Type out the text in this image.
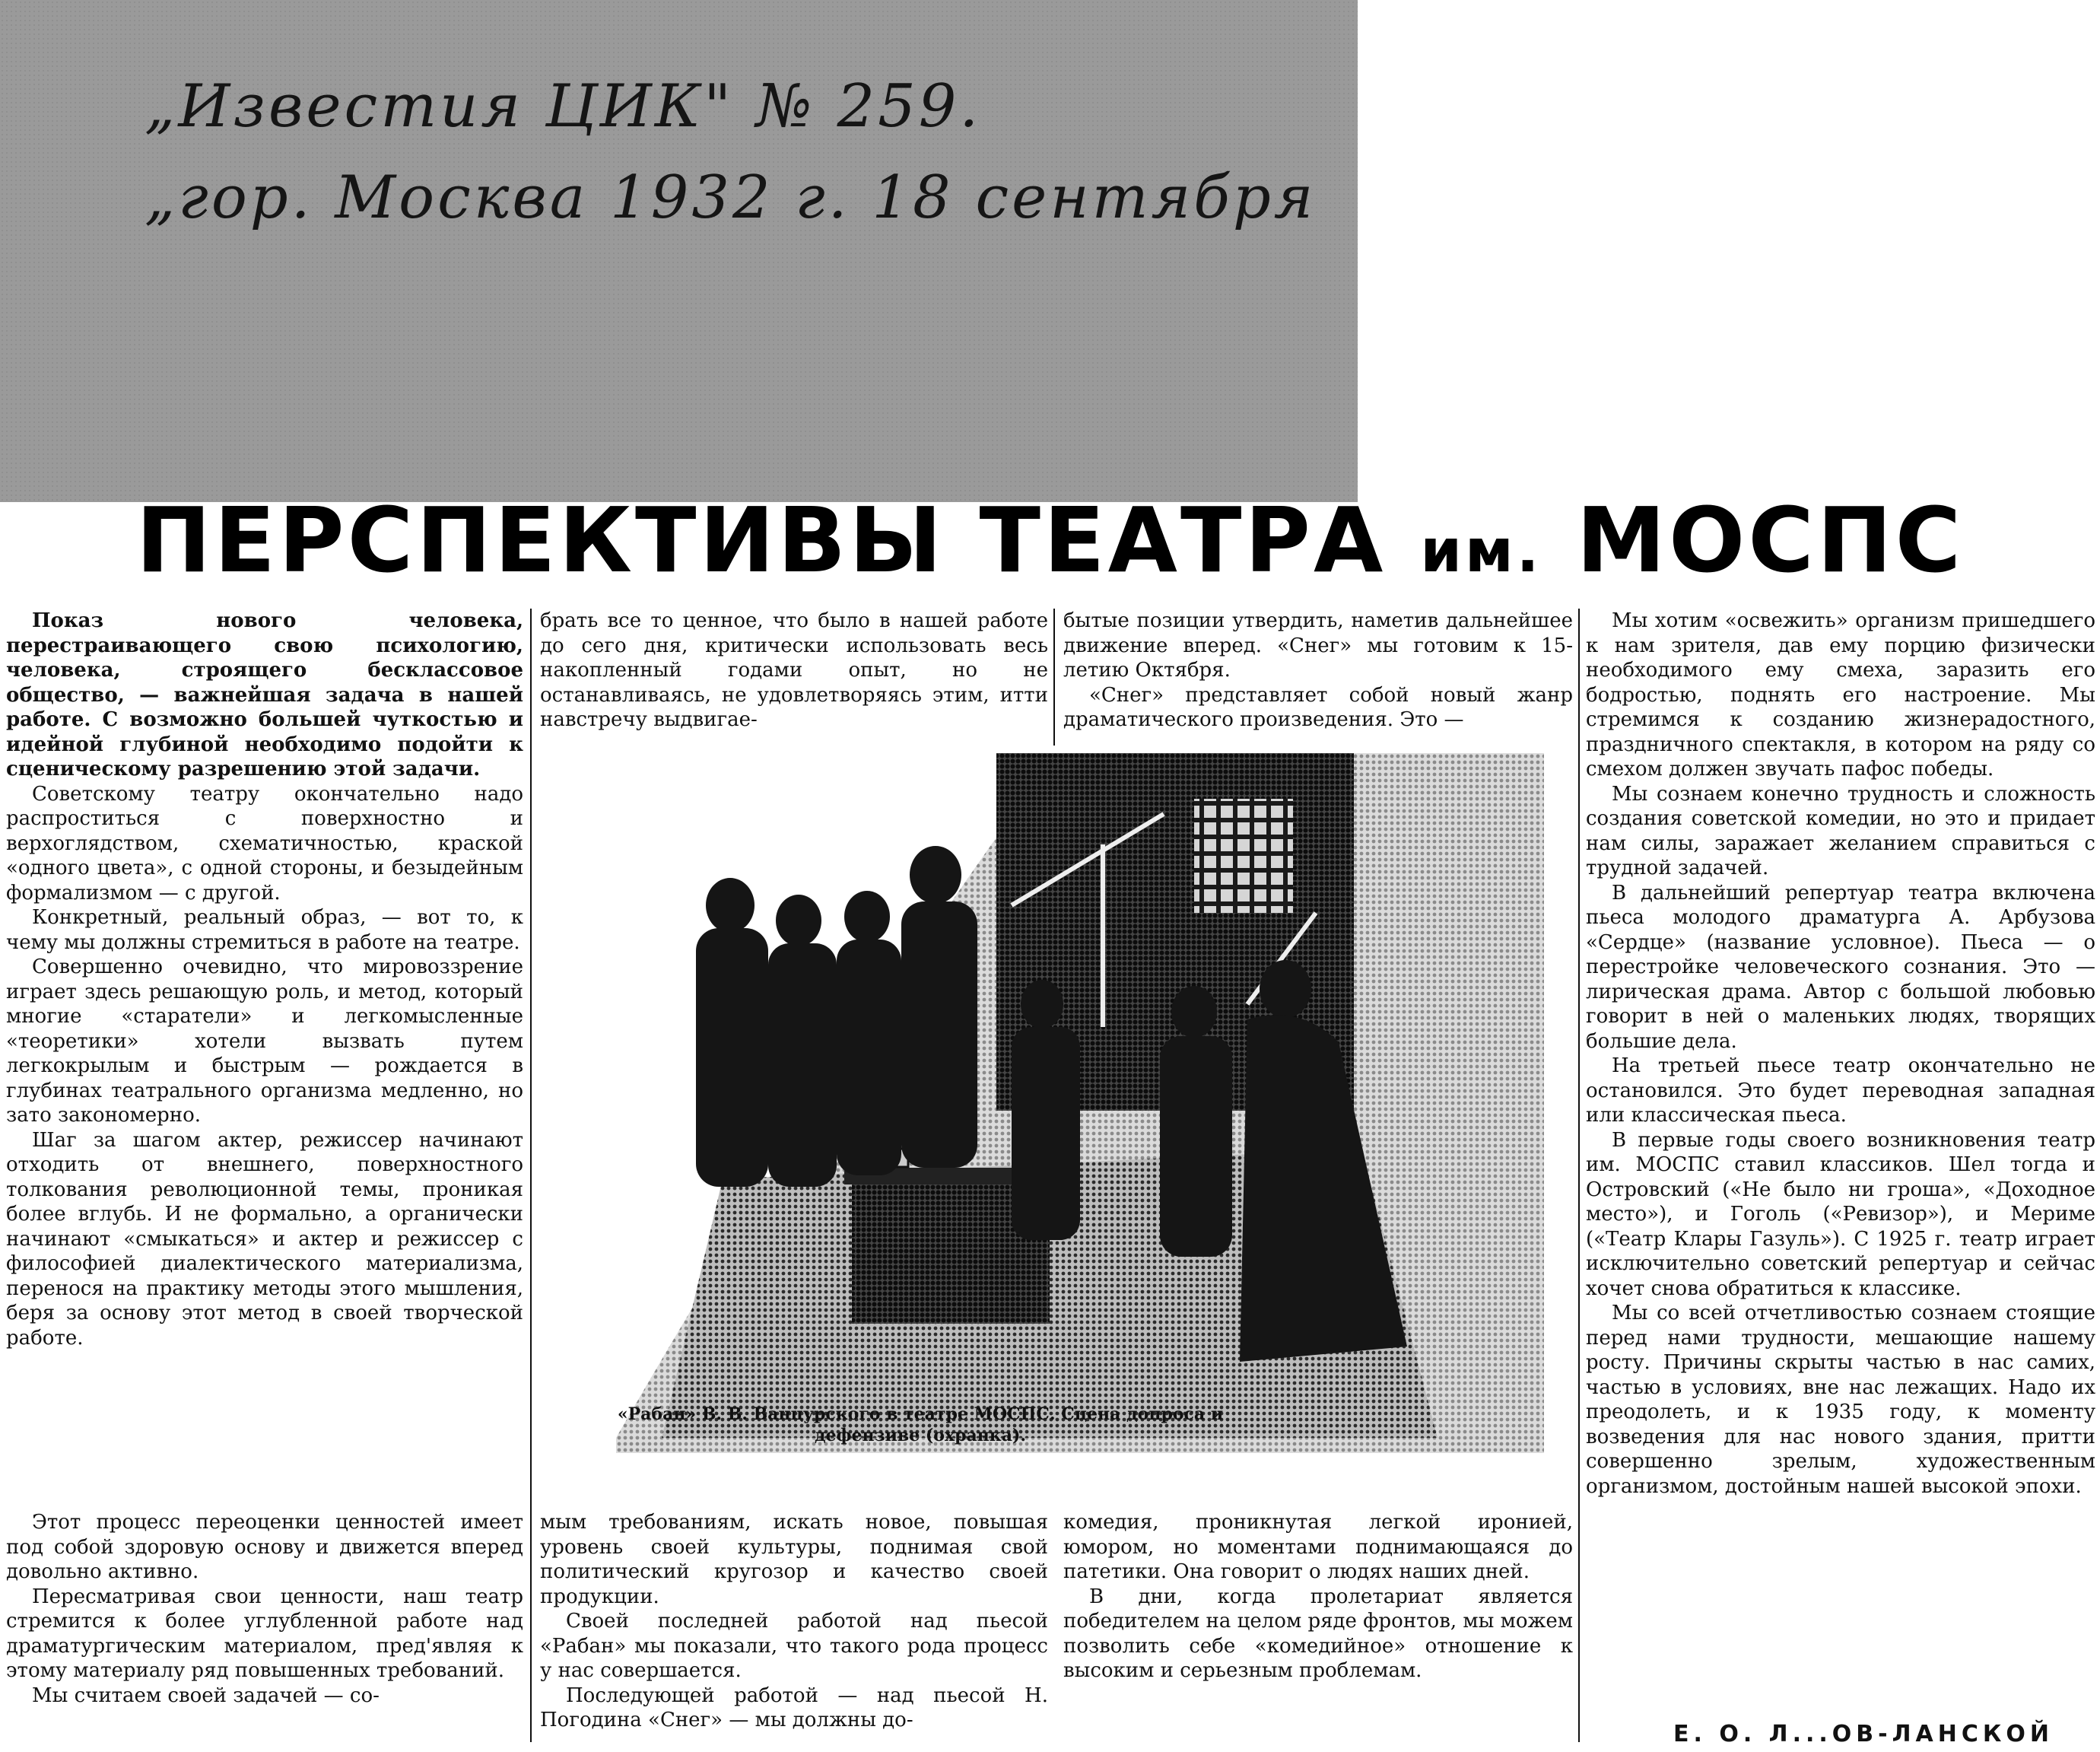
„Известия ЦИК" № 259.
„гор. Москва 1932 г. 18 сентября
ПЕРСПЕКТИВЫ ТЕАТРА им. МОСПС

Показ нового человека, перестраивающего свою психологию, человека, строящего бесклассовое общество, — важнейшая задача в нашей работе. С возможно большей чуткостью и идейной глубиной необходимо подойти к сценическому разрешению этой задачи.

Советскому театру окончательно надо распроститься с поверхностно и верхоглядством, схематичностью, краской «одного цвета», с одной стороны, и безыдейным формализмом — с другой.

Конкретный, реальный образ, — вот то, к чему мы должны стремиться в работе на театре.

Совершенно очевидно, что мировоззрение играет здесь решающую роль, и метод, который многие «старатели» и легкомысленные «теоретики» хотели вызвать путем легкокрылым и быстрым — рождается в глубинах театрального организма медленно, но зато закономерно.

Шаг за шагом актер, режиссер начинают отходить от внешнего, поверхностного толкования революционной темы, проникая более вглубь. И не формально, а органически начинают «смыкаться» и актер и режиссер с философией диалектического материализма, перенося на практику методы этого мышления, беря за основу этот метод в своей творческой работе.

Этот процесс переоценки ценностей имеет под собой здоровую основу и движется вперед довольно активно.

Пересматривая свои ценности, наш театр стремится к более углубленной работе над драматургическим материалом, пред'являя к этому материалу ряд повышенных требований.

Мы считаем своей задачей — со-

брать все то ценное, что было в нашей работе до сего дня, критически использовать весь накопленный годами опыт, но не останавливаясь, не удовлетворяясь этим, итти навстречу выдвигае-

бытые позиции утвердить, наметив дальнейшее движение вперед. «Снег» мы готовим к 15-летию Октября.

«Снег» представляет собой новый жанр драматического произведения. Это —

«Рабан» В. В. Ванцурского в театре МОСПС. Сцена допроса и дефензиве (охранка).

мым требованиям, искать новое, повышая уровень своей культуры, поднимая свой политический кругозор и качество своей продукции.

Своей последней работой над пьесой «Рабан» мы показали, что такого рода процесс у нас совершается.

Последующей работой — над пьесой Н. Погодина «Снег» — мы должны до-

комедия, проникнутая легкой иронией, юмором, но моментами поднимающаяся до патетики. Она говорит о людях наших дней.

В дни, когда пролетариат является победителем на целом ряде фронтов, мы можем позволить себе «комедийное» отношение к высоким и серьезным проблемам.

Мы хотим «освежить» организм пришедшего к нам зрителя, дав ему порцию физически необходимого ему смеха, заразить его бодростью, поднять его настроение. Мы стремимся к созданию жизнерадостного, праздничного спектакля, в котором на ряду со смехом должен звучать пафос победы.

Мы сознаем конечно трудность и сложность создания советской комедии, но это и придает нам силы, заражает желанием справиться с трудной задачей.

В дальнейший репертуар театра включена пьеса молодого драматурга А. Арбузова «Сердце» (название условное). Пьеса — о перестройке человеческого сознания. Это — лирическая драма. Автор с большой любовью говорит в ней о маленьких людях, творящих большие дела.

На третьей пьесе театр окончательно не остановился. Это будет переводная западная или классическая пьеса.

В первые годы своего возникновения театр им. МОСПС ставил классиков. Шел тогда и Островский («Не было ни гроша», «Доходное место»), и Гоголь («Ревизор»), и Мериме («Театр Клары Газуль»). С 1925 г. театр играет исключительно советский репертуар и сейчас хочет снова обратиться к классике.

Мы со всей отчетливостью сознаем стоящие перед нами трудности, мешающие нашему росту. Причины скрыты частью в нас самих, частью в условиях, вне нас лежащих. Надо их преодолеть, и к 1935 году, к моменту возведения для нас нового здания, притти совершенно зрелым, художественным организмом, достойным нашей высокой эпохи.

Е. О. Л...ОВ-ЛАНСКОЙ
